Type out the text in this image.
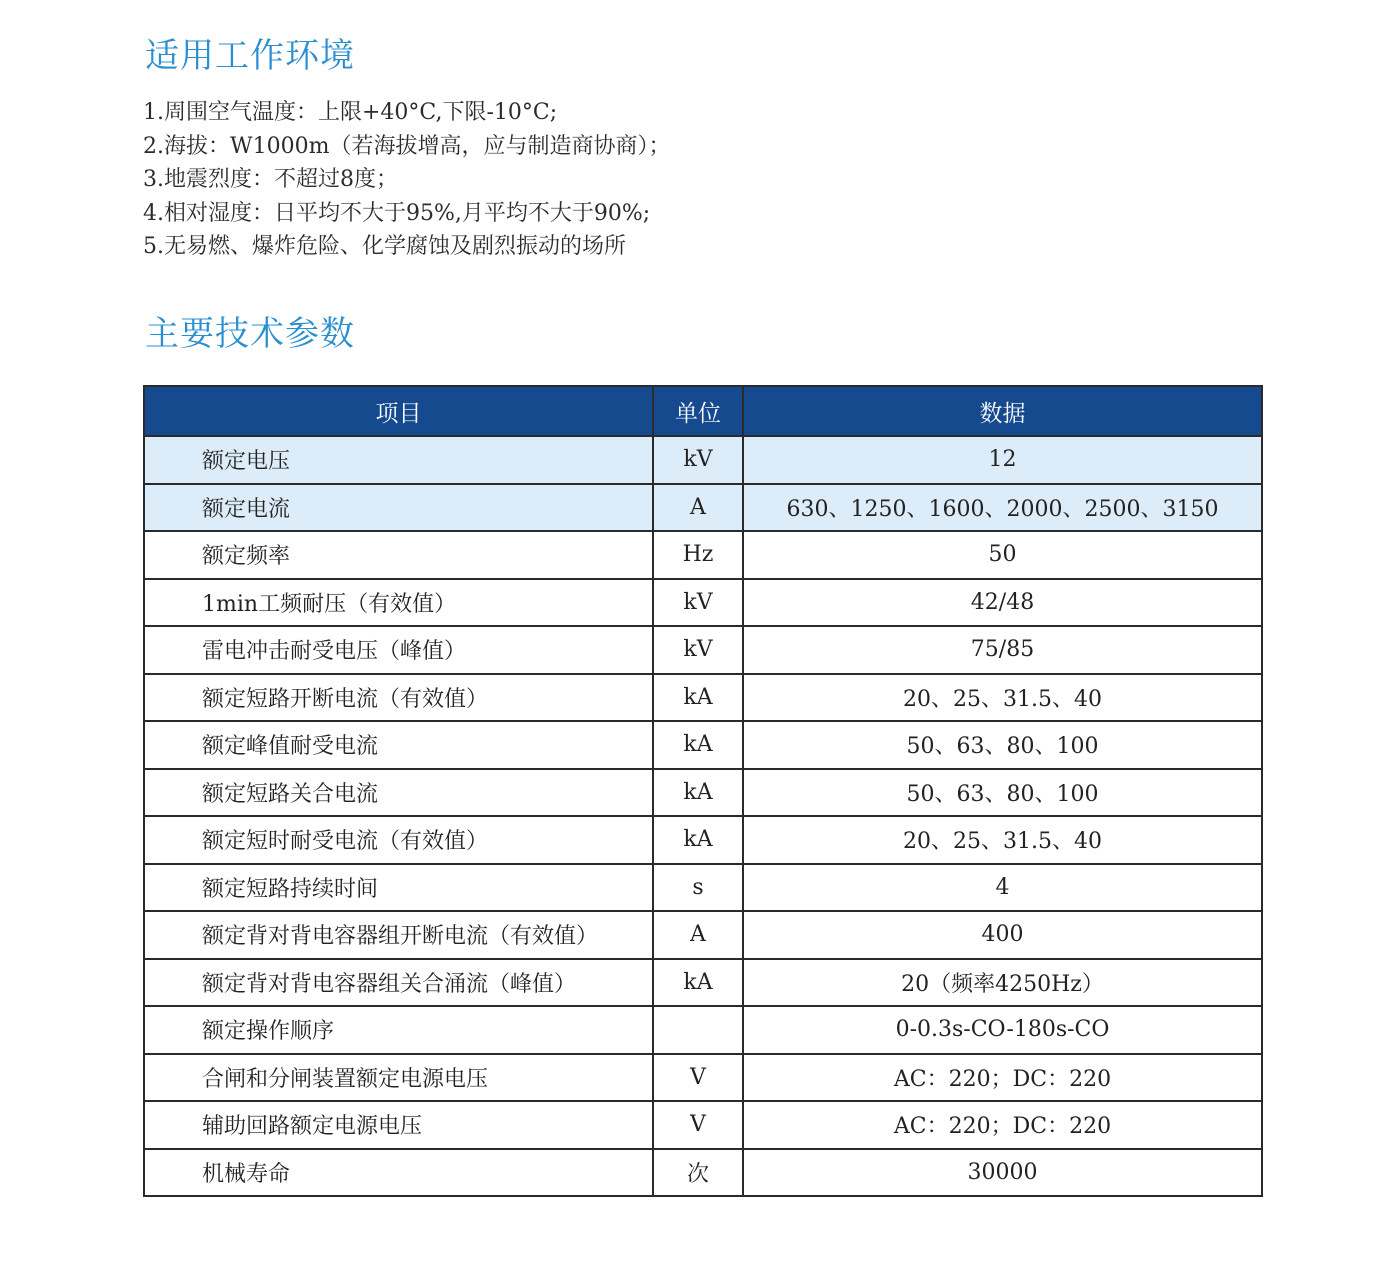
适用工作环境
1.周围空气温度：上限+40°C,下限-10°C;
2.海拔：W1000m（若海拔增高，应与制造商协商）；
3.地震烈度：不超过8度；
4.相对湿度：日平均不大于95%,月平均不大于90%;
5.无易燃、爆炸危险、化学腐蚀及剧烈振动的场所
主要技术参数
项目	单位	数据
额定电压	kV	12
额定电流	A	630、1250、1600、2000、2500、3150
额定频率	Hz	50
1min工频耐压（有效值）	kV	42/48
雷电冲击耐受电压（峰值）	kV	75/85
额定短路开断电流（有效值）	kA	20、25、31.5、40
额定峰值耐受电流	kA	50、63、80、100
额定短路关合电流	kA	50、63、80、100
额定短时耐受电流（有效值）	kA	20、25、31.5、40
额定短路持续时间	s	4
额定背对背电容器组开断电流（有效值）	A	400
额定背对背电容器组关合涌流（峰值）	kA	20（频率4250Hz）
额定操作顺序		0-0.3s-CO-180s-CO
合闸和分闸装置额定电源电压	V	AC：220；DC：220
辅助回路额定电源电压	V	AC：220；DC：220
机械寿命	次	30000
